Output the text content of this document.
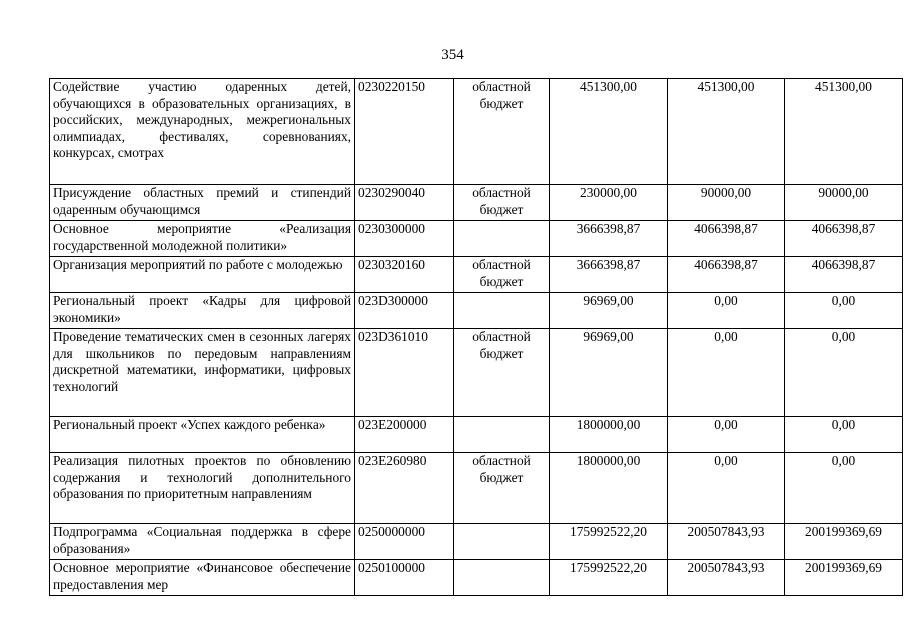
354
Содействие участию одаренных детей, обучающихся в образовательных организациях, в российских, международных, межрегиональных олимпиадах, фестивалях, соревнованиях, конкурсах, смотрах	0230220150	областной бюджет	451300,00	451300,00	451300,00
Присуждение областных премий и стипендий одаренным обучающимся	0230290040	областной бюджет	230000,00	90000,00	90000,00
Основное мероприятие «Реализация государственной молодежной политики»	0230300000		3666398,87	4066398,87	4066398,87
Организация мероприятий по работе с молодежью	0230320160	областной бюджет	3666398,87	4066398,87	4066398,87
Региональный проект «Кадры для цифровой экономики»	023D300000		96969,00	0,00	0,00
Проведение тематических смен в сезонных лагерях для школьников по передовым направлениям дискретной математики, информатики, цифровых технологий	023D361010	областной бюджет	96969,00	0,00	0,00
Региональный проект «Успех каждого ребенка»	023E200000		1800000,00	0,00	0,00
Реализация пилотных проектов по обновлению содержания и технологий дополнительного образования по приоритетным направлениям	023E260980	областной бюджет	1800000,00	0,00	0,00
Подпрограмма «Социальная поддержка в сфере образования»	0250000000		175992522,20	200507843,93	200199369,69
Основное мероприятие «Финансовое обеспечение предоставления мер	0250100000		175992522,20	200507843,93	200199369,69
